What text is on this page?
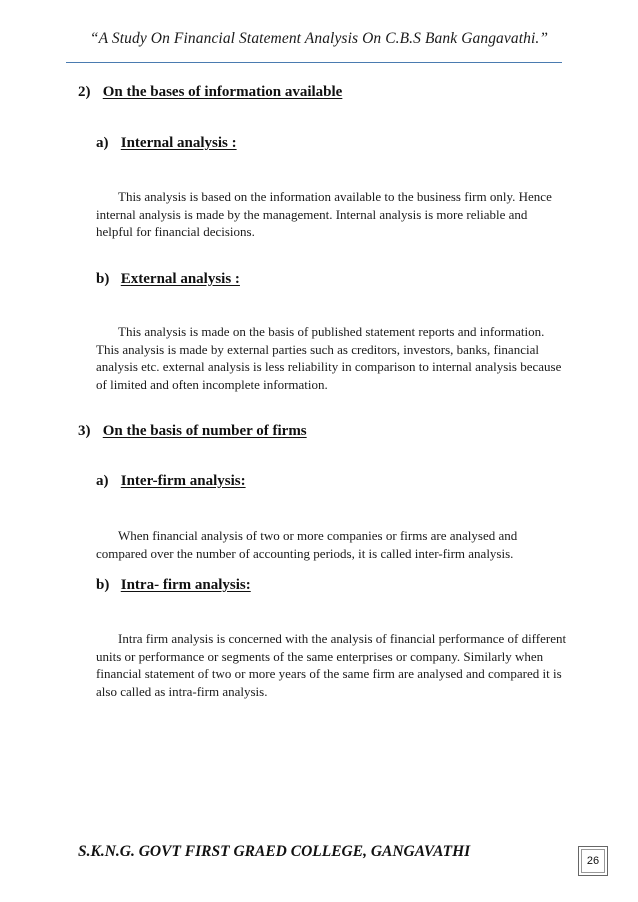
“A Study On Financial Statement Analysis On C.B.S Bank Gangavathi.”
2) On the bases of information available
a) Internal analysis :

This analysis is based on the information available to the business firm only. Hence

internal analysis is made by the management. Internal analysis is more reliable and

helpful for financial decisions.

b) External analysis :

This analysis is made on the basis of published statement reports and information.

This analysis is made by external parties such as creditors, investors, banks, financial

analysis etc. external analysis is less reliability in comparison to internal analysis because

of limited and often incomplete information.

3) On the basis of number of firms
a) Inter-firm analysis:

When financial analysis of two or more companies or firms are analysed and

compared over the number of accounting periods, it is called inter-firm analysis.

b) Intra- firm analysis:

Intra firm analysis is concerned with the analysis of financial performance of different

units or performance or segments of the same enterprises or company. Similarly when

financial statement of two or more years of the same firm are analysed and compared it is

also called as intra-firm analysis.

S.K.N.G. GOVT FIRST GRAED COLLEGE, GANGAVATHI
26
